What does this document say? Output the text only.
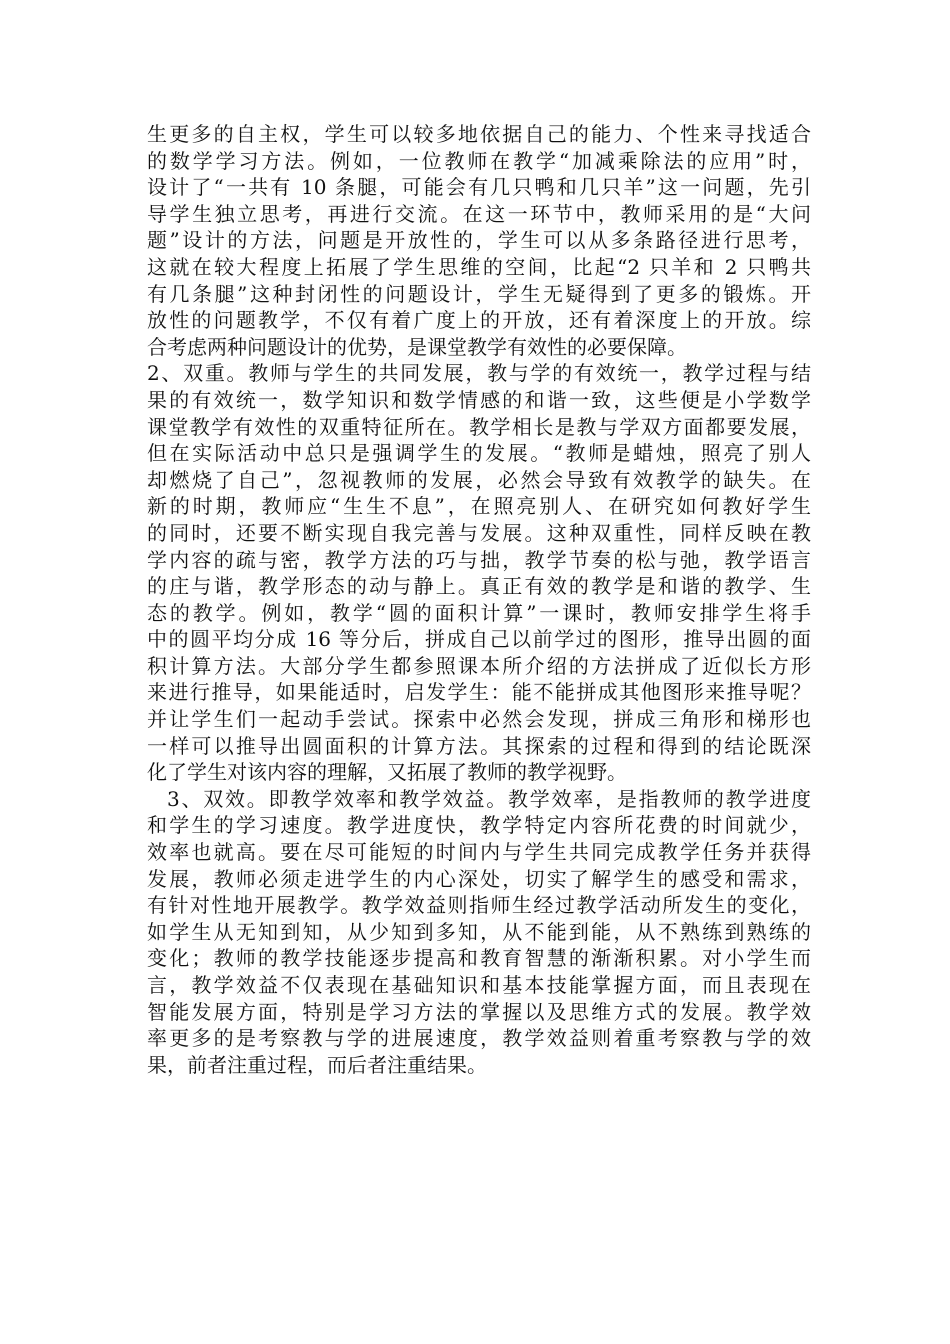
生更多的自主权，学生可以较多地依据自己的能力、个性来寻找适合
的数学学习方法。例如，一位教师在教学“加减乘除法的应用”时，
设计了“一共有 10 条腿，可能会有几只鸭和几只羊”这一问题，先引
导学生独立思考，再进行交流。在这一环节中，教师采用的是“大问
题”设计的方法，问题是开放性的，学生可以从多条路径进行思考，
这就在较大程度上拓展了学生思维的空间，比起“2 只羊和 2 只鸭共
有几条腿”这种封闭性的问题设计，学生无疑得到了更多的锻炼。开
放性的问题教学，不仅有着广度上的开放，还有着深度上的开放。综
合考虑两种问题设计的优势，是课堂教学有效性的必要保障。
2、双重。教师与学生的共同发展，教与学的有效统一，教学过程与结
果的有效统一，数学知识和数学情感的和谐一致，这些便是小学数学
课堂教学有效性的双重特征所在。教学相长是教与学双方面都要发展，
但在实际活动中总只是强调学生的发展。“教师是蜡烛，照亮了别人
却燃烧了自己”，忽视教师的发展，必然会导致有效教学的缺失。在
新的时期，教师应“生生不息”，在照亮别人、在研究如何教好学生
的同时，还要不断实现自我完善与发展。这种双重性，同样反映在教
学内容的疏与密，教学方法的巧与拙，教学节奏的松与弛，教学语言
的庄与谐，教学形态的动与静上。真正有效的教学是和谐的教学、生
态的教学。例如，教学“圆的面积计算”一课时，教师安排学生将手
中的圆平均分成 16 等分后，拼成自己以前学过的图形，推导出圆的面
积计算方法。大部分学生都参照课本所介绍的方法拼成了近似长方形
来进行推导，如果能适时，启发学生：能不能拼成其他图形来推导呢？
并让学生们一起动手尝试。探索中必然会发现，拼成三角形和梯形也
一样可以推导出圆面积的计算方法。其探索的过程和得到的结论既深
化了学生对该内容的理解，又拓展了教师的教学视野。
3、双效。即教学效率和教学效益。教学效率，是指教师的教学进度
和学生的学习速度。教学进度快，教学特定内容所花费的时间就少，
效率也就高。要在尽可能短的时间内与学生共同完成教学任务并获得
发展，教师必须走进学生的内心深处，切实了解学生的感受和需求，
有针对性地开展教学。教学效益则指师生经过教学活动所发生的变化，
如学生从无知到知，从少知到多知，从不能到能，从不熟练到熟练的
变化；教师的教学技能逐步提高和教育智慧的渐渐积累。对小学生而
言，教学效益不仅表现在基础知识和基本技能掌握方面，而且表现在
智能发展方面，特别是学习方法的掌握以及思维方式的发展。教学效
率更多的是考察教与学的进展速度，教学效益则着重考察教与学的效
果，前者注重过程，而后者注重结果。
